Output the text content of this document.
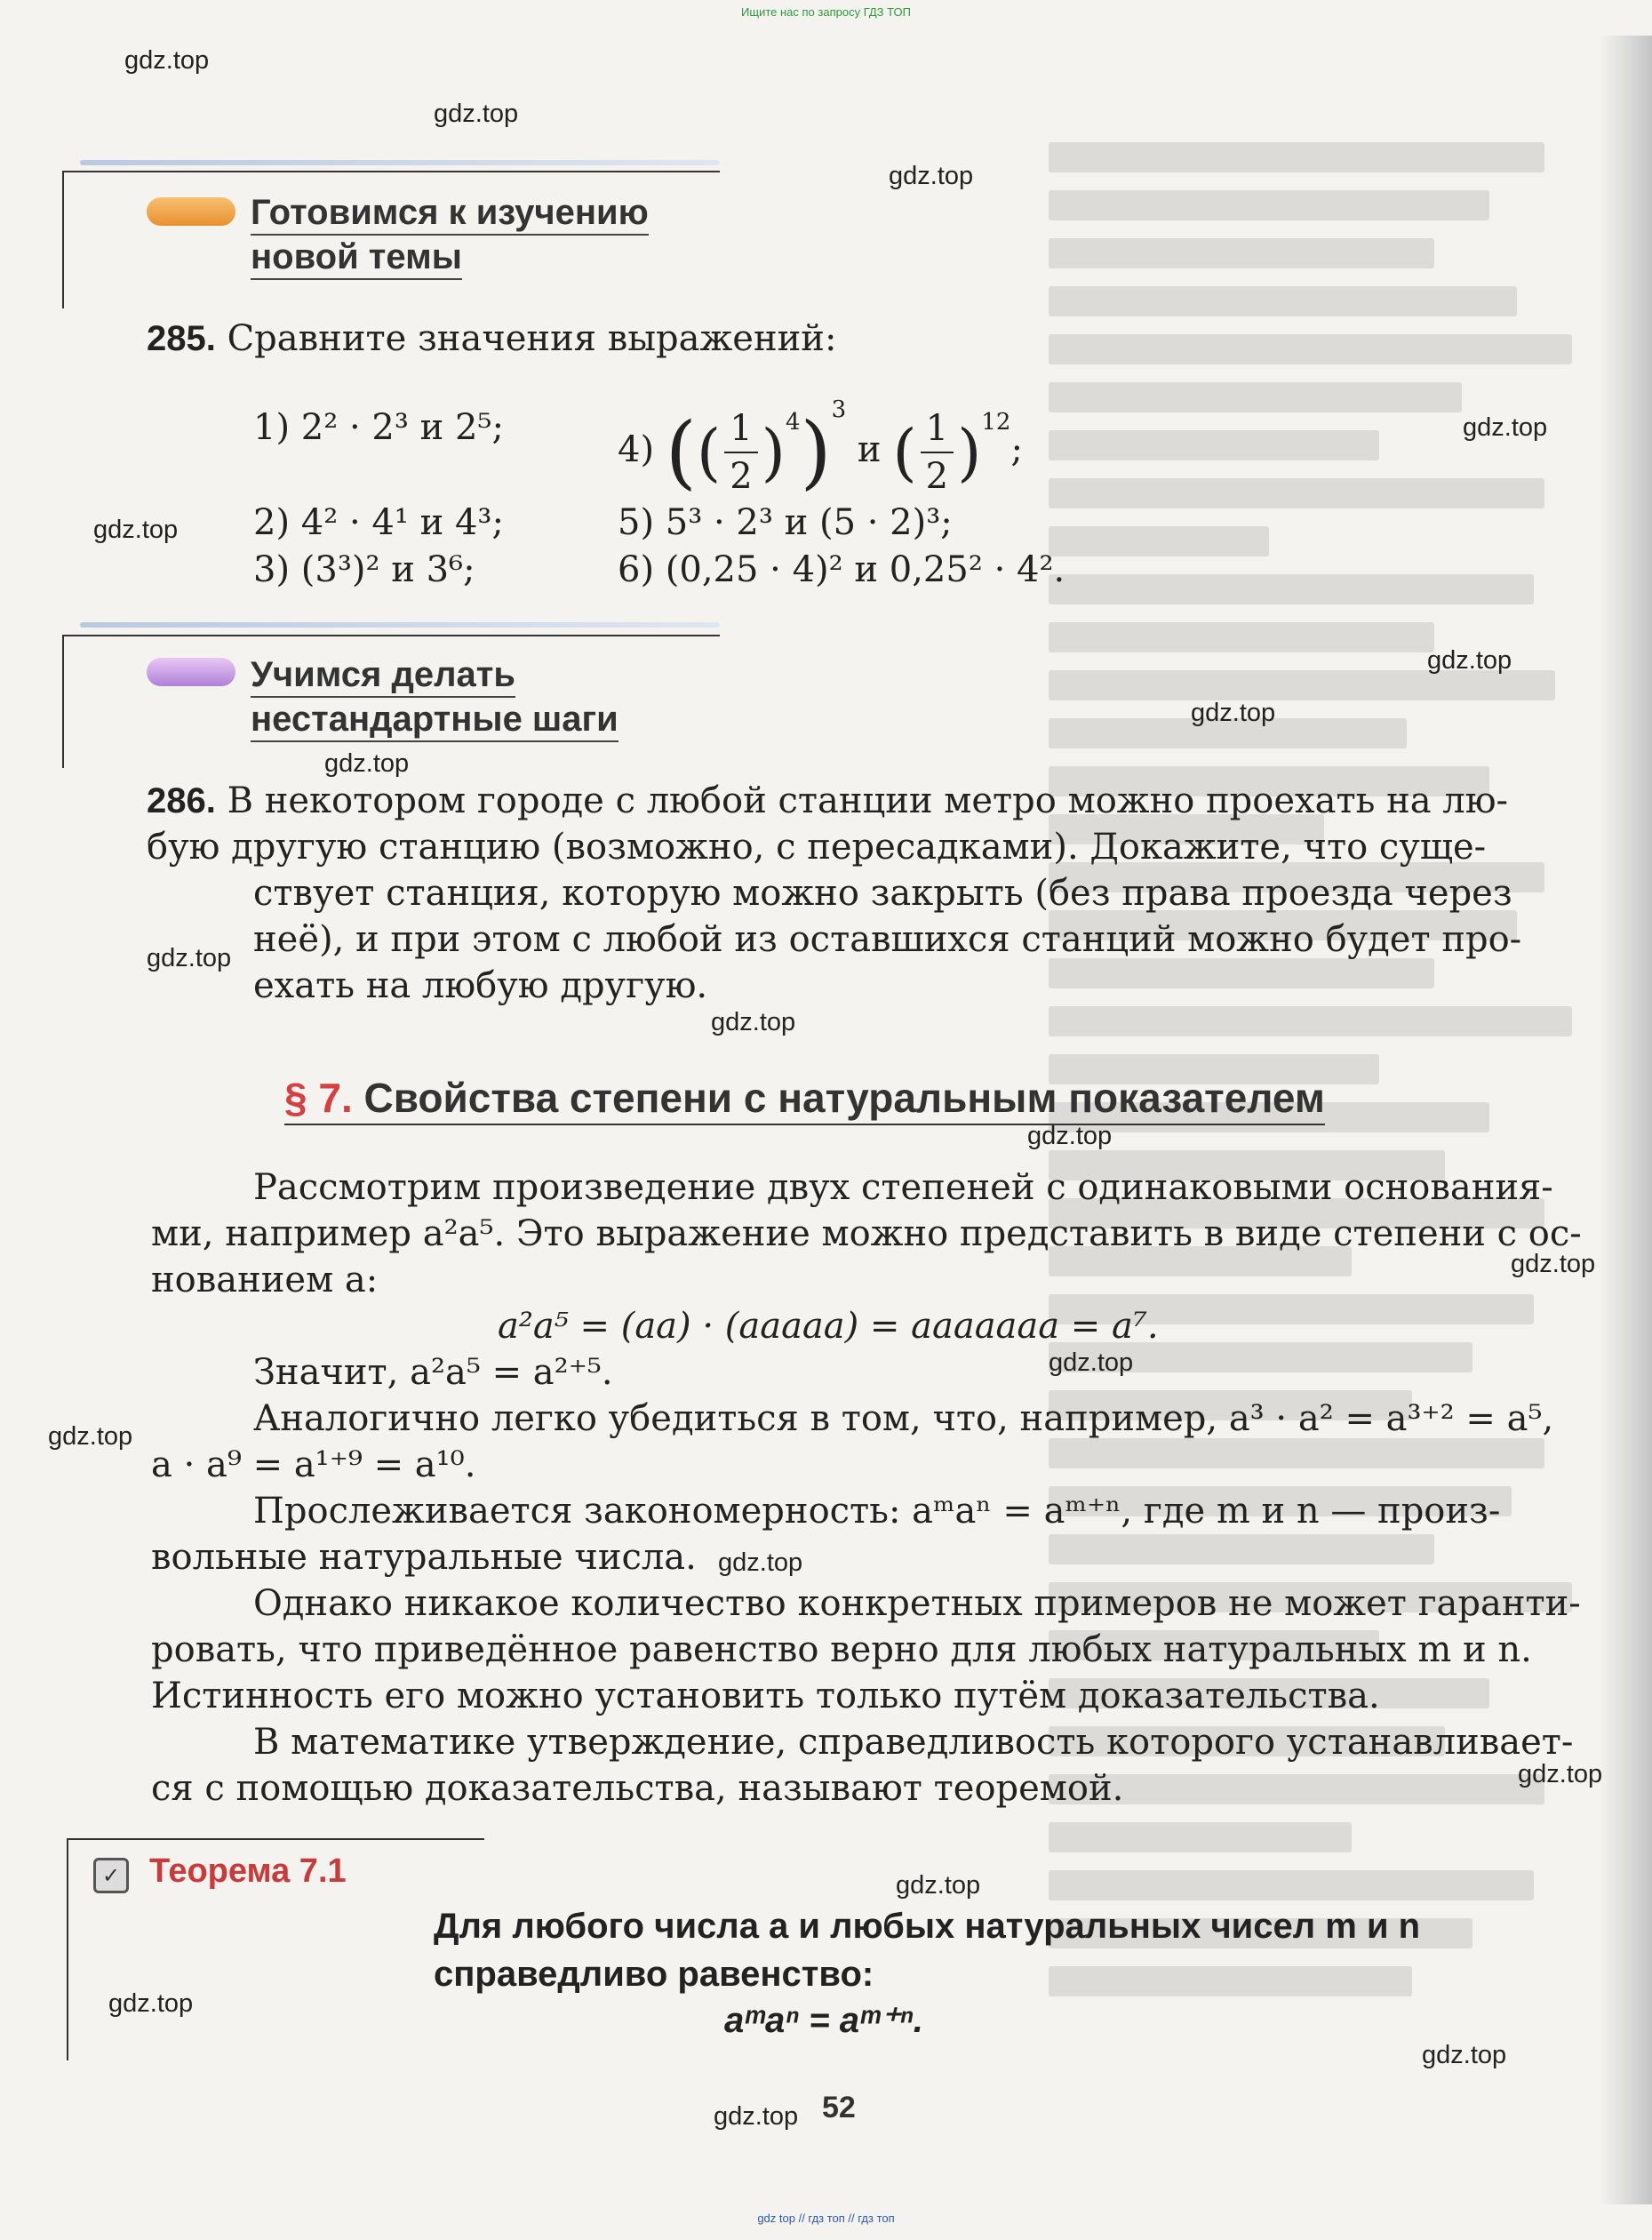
Ищите нас по запросу ГДЗ ТОП
gdz.top
gdz.top
gdz.top
gdz.top
gdz.top
gdz.top
gdz.top
gdz.top
gdz.top
gdz.top
gdz.top
gdz.top
gdz.top
gdz.top
gdz.top
gdz.top
gdz.top
gdz.top
gdz.top
gdz.top
Готовимся к изучению
новой темы
285. Сравните значения выражений:
1) 2² · 2³ и 2⁵;
4) (( $\frac{1}{2} )^4)^3$ и ( $\frac{1}{2} )^{12}$;
2) 4² · 4¹ и 4³;	5) 5³ · 2³ и (5 · 2)³;
3) (3³)² и 3⁶;	6) (0,25 · 4)² и 0,25² · 4².
Учимся делать
нестандартные шаги
286. В некотором городе с любой станции метро можно проехать на лю-
бую другую станцию (возможно, с пересадками). Докажите, что суще-
ствует станция, которую можно закрыть (без права проезда через
неё), и при этом с любой из оставшихся станций можно будет про-
ехать на любую другую.
§ 7. Свойства степени с натуральным показателем
Рассмотрим произведение двух степеней с одинаковыми основания-
ми, например a²a⁵. Это выражение можно представить в виде степени с ос-
нованием a:
a²a⁵ = (aa) · (aaaaa) = aaaaaaa = a⁷.
Значит, a²a⁵ = a²⁺⁵.
Аналогично легко убедиться в том, что, например, a³ · a² = a³⁺² = a⁵,
a · a⁹ = a¹⁺⁹ = a¹⁰.
Прослеживается закономерность: aᵐaⁿ = aᵐ⁺ⁿ, где m и n — произ-
вольные натуральные числа.
Однако никакое количество конкретных примеров не может гаранти-
ровать, что приведённое равенство верно для любых натуральных m и n.
Истинность его можно установить только путём доказательства.
В математике утверждение, справедливость которого устанавливает-
ся с помощью доказательства, называют теоремой.
✓ Теорема 7.1
Для любого числа a и любых натуральных чисел m и n
справедливо равенство:
aᵐaⁿ = aᵐ⁺ⁿ.
52
gdz top // гдз топ // гдз топ
